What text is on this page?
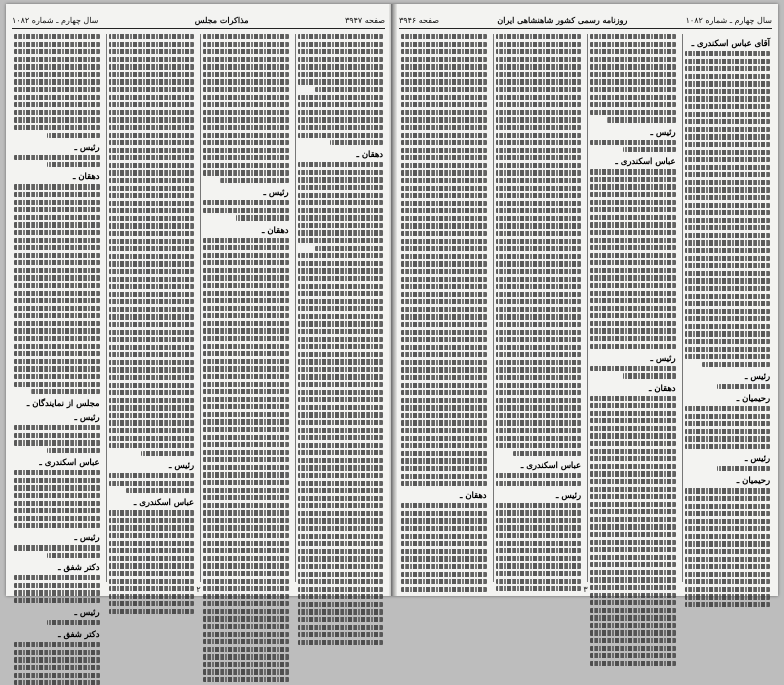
صفحه ۳۹۴۷
مذاکرات مجلس
سال چهارم ـ شماره ۱۰۸۲
دهقان ـ
رئیس ـ
دهقان ـ
رئیس ـ
عباس اسکندری ـ
رئیس ـ
دهقان ـ
مجلس از نمایندگان ـ
رئیس ـ
عباس اسکندری ـ
رئیس ـ
دکتر شفق ـ
رئیس ـ
دکتر شفق ـ
۲
سال چهارم ـ شماره ۱۰۸۲
روزنامه رسمی کشور شاهنشاهی ایران
صفحه ۳۹۴۶
آقای عباس اسکندری ـ
رئیس ـ
رحیمیان ـ
رئیس ـ
رحیمیان ـ
رئیس ـ
عباس اسکندری ـ
رئیس ـ
دهقان ـ
عباس اسکندری ـ
رئیس ـ
دهقان ـ
۳
